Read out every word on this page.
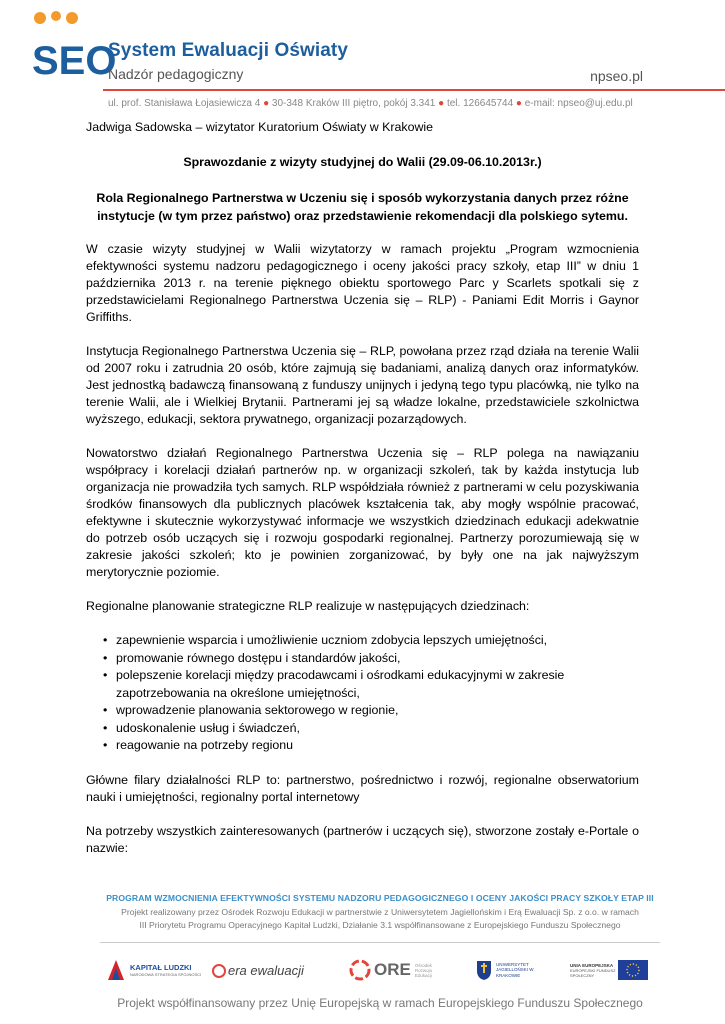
SEO
System Ewaluacji Oświaty
Nadzór pedagogiczny	npseo.pl
ul. prof. Stanisława Łojasiewicza 4 ● 30-348 Kraków III piętro, pokój 3.341 ● tel. 126645744 ● e-mail: npseo@uj.edu.pl

Jadwiga Sadowska – wizytator Kuratorium Oświaty w Krakowie

Sprawozdanie z wizyty studyjnej do Walii (29.09-06.10.2013r.)

Rola Regionalnego Partnerstwa w Uczeniu się i sposób wykorzystania danych przez różne instytucje (w tym przez państwo) oraz przedstawienie rekomendacji dla polskiego sytemu.

W czasie wizyty studyjnej w Walii wizytatorzy w ramach projektu „Program wzmocnienia efektywności systemu nadzoru pedagogicznego i oceny jakości pracy szkoły, etap III” w dniu 1 października 2013 r. na terenie pięknego obiektu sportowego Parc y Scarlets spotkali się z przedstawicielami Regionalnego Partnerstwa Uczenia się – RLP) - Paniami Edit Morris i Gaynor Griffiths.

Instytucja Regionalnego Partnerstwa Uczenia się – RLP, powołana przez rząd działa na terenie Walii od 2007 roku i zatrudnia 20 osób, które zajmują się badaniami, analizą danych oraz informatyków. Jest jednostką badawczą finansowaną z funduszy unijnych i jedyną tego typu placówką, nie tylko na terenie Walii, ale i Wielkiej Brytanii. Partnerami jej są władze lokalne, przedstawiciele szkolnictwa wyższego, edukacji, sektora prywatnego, organizacji pozarządowych.

Nowatorstwo działań Regionalnego Partnerstwa Uczenia się – RLP polega na nawiązaniu współpracy i korelacji działań partnerów np. w organizacji szkoleń, tak by każda instytucja lub organizacja nie prowadziła tych samych. RLP współdziała również z partnerami w celu pozyskiwania środków finansowych dla publicznych placówek kształcenia tak, aby mogły wspólnie pracować, efektywne i skutecznie wykorzystywać informacje we wszystkich dziedzinach edukacji adekwatnie do potrzeb osób uczących się i rozwoju gospodarki regionalnej. Partnerzy porozumiewają się w zakresie jakości szkoleń; kto je powinien zorganizować, by były one na jak najwyższym merytorycznie poziomie.

Regionalne planowanie strategiczne RLP realizuje w następujących dziedzinach:

• zapewnienie wsparcia i umożliwienie uczniom zdobycia lepszych umiejętności,
• promowanie równego dostępu i standardów jakości,
• polepszenie korelacji między pracodawcami i ośrodkami edukacyjnymi w zakresie zapotrzebowania na określone umiejętności,
• wprowadzenie planowania sektorowego w regionie,
• udoskonalenie usług i świadczeń,
• reagowanie na potrzeby regionu

Główne filary działalności RLP to: partnerstwo, pośrednictwo i rozwój, regionalne obserwatorium nauki i umiejętności, regionalny portal internetowy

Na potrzeby wszystkich zainteresowanych (partnerów i uczących się), stworzone zostały e-Portale o nazwie:

PROGRAM WZMOCNIENIA EFEKTYWNOŚCI SYSTEMU NADZORU PEDAGOGICZNEGO I OCENY JAKOŚCI PRACY SZKOŁY ETAP III
Projekt realizowany przez Ośrodek Rozwoju Edukacji w partnerstwie z Uniwersytetem Jagiellońskim i Erą Ewaluacji Sp. z o.o. w ramach
III Priorytetu Programu Operacyjnego Kapitał Ludzki, Działanie 3.1 współfinansowane z Europejskiego Funduszu Społecznego
KAPITAŁ LUDZKI
NARODOWA STRATEGIA SPÓJNOŚCI era ewaluacji	ORE Ośrodek Rozwoju Edukacji
UNIWERSYTET JAGIELLOŃSKI W KRAKOWIE
UNIA EUROPEJSKA
EUROPEJSKI FUNDUSZ SPOŁECZNY
Projekt współfinansowany przez Unię Europejską w ramach Europejskiego Funduszu Społecznego
